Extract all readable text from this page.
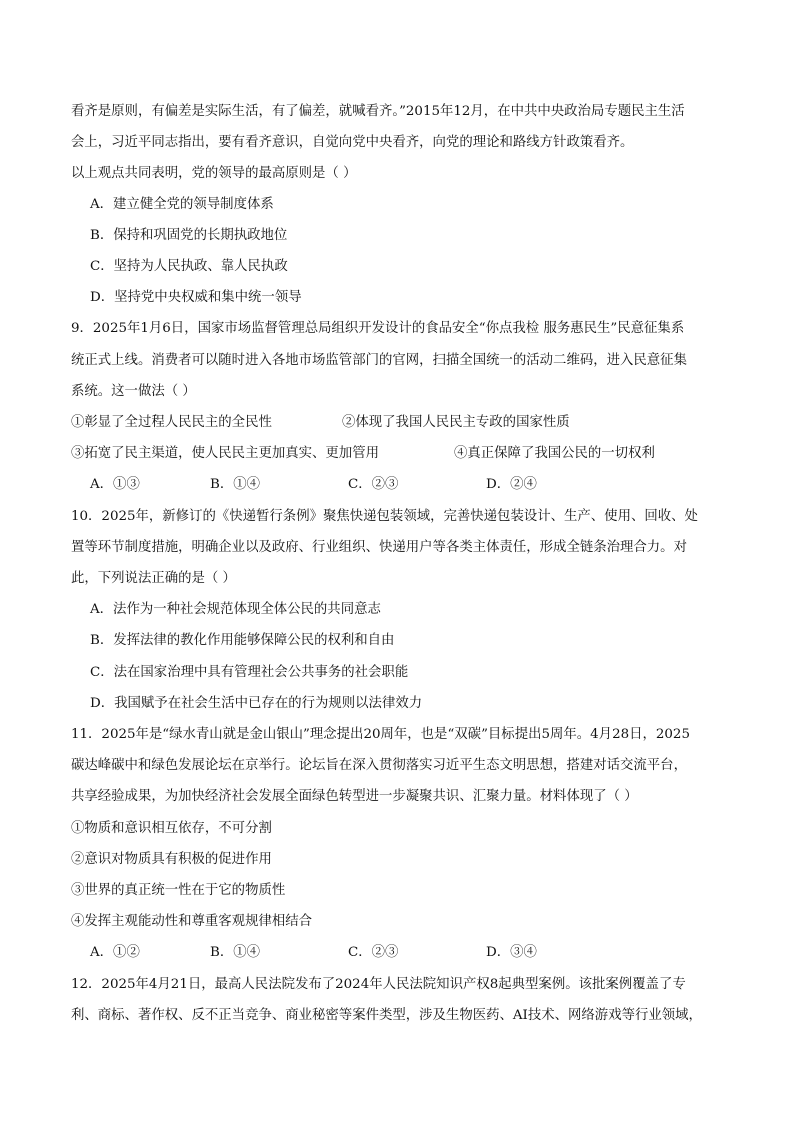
看齐是原则，有偏差是实际生活，有了偏差，就喊看齐。”2015年12月，在中共中央政治局专题民主生活
会上，习近平同志指出，要有看齐意识，自觉向党中央看齐，向党的理论和路线方针政策看齐。
以上观点共同表明，党的领导的最高原则是（ ）
A．建立健全党的领导制度体系
B．保持和巩固党的长期执政地位
C．坚持为人民执政、靠人民执政
D．坚持党中央权威和集中统一领导
9．2025年1月6日，国家市场监督管理总局组织开发设计的食品安全“你点我检 服务惠民生”民意征集系
统正式上线。消费者可以随时进入各地市场监管部门的官网，扫描全国统一的活动二维码，进入民意征集
系统。这一做法（ ）
①彰显了全过程人民民主的全民性	②体现了我国人民民主专政的国家性质
③拓宽了民主渠道，使人民民主更加真实、更加管用	④真正保障了我国公民的一切权利
A．①③	B．①④	C．②③	D．②④
10．2025年，新修订的《快递暂行条例》聚焦快递包装领域，完善快递包装设计、生产、使用、回收、处
置等环节制度措施，明确企业以及政府、行业组织、快递用户等各类主体责任，形成全链条治理合力。对
此，下列说法正确的是（ ）
A．法作为一种社会规范体现全体公民的共同意志
B．发挥法律的教化作用能够保障公民的权利和自由
C．法在国家治理中具有管理社会公共事务的社会职能
D．我国赋予在社会生活中已存在的行为规则以法律效力
11．2025年是“绿水青山就是金山银山”理念提出20周年，也是“双碳”目标提出5周年。4月28日，2025
碳达峰碳中和绿色发展论坛在京举行。论坛旨在深入贯彻落实习近平生态文明思想，搭建对话交流平台，
共享经验成果，为加快经济社会发展全面绿色转型进一步凝聚共识、汇聚力量。材料体现了（ ）
①物质和意识相互依存，不可分割
②意识对物质具有积极的促进作用
③世界的真正统一性在于它的物质性
④发挥主观能动性和尊重客观规律相结合
A．①②	B．①④	C．②③	D．③④
12．2025年4月21日，最高人民法院发布了2024年人民法院知识产权8起典型案例。该批案例覆盖了专
利、商标、著作权、反不正当竞争、商业秘密等案件类型，涉及生物医药、AI技术、网络游戏等行业领域，
